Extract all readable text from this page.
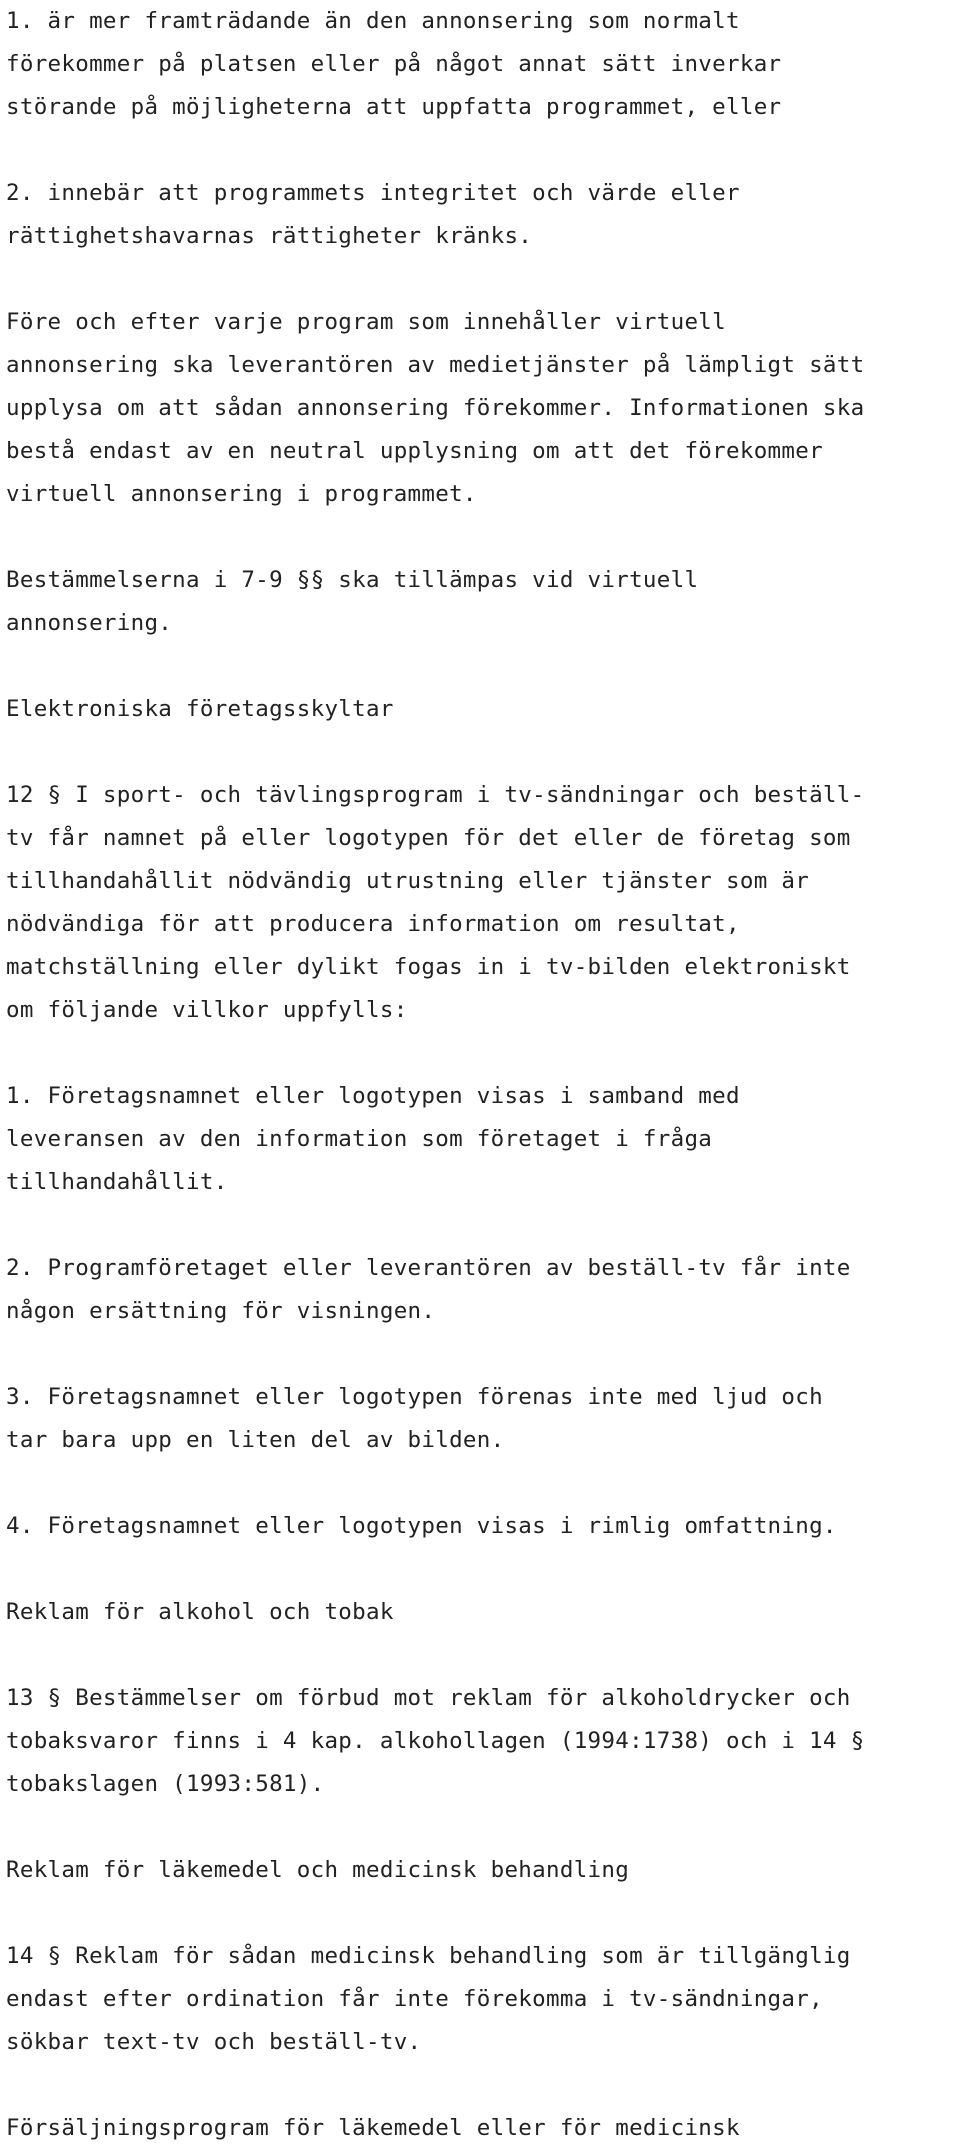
1. är mer framträdande än den annonsering som normalt
förekommer på platsen eller på något annat sätt inverkar
störande på möjligheterna att uppfatta programmet, eller

2. innebär att programmets integritet och värde eller
rättighetshavarnas rättigheter kränks.

Före och efter varje program som innehåller virtuell
annonsering ska leverantören av medietjänster på lämpligt sätt
upplysa om att sådan annonsering förekommer. Informationen ska
bestå endast av en neutral upplysning om att det förekommer
virtuell annonsering i programmet.

Bestämmelserna i 7-9 §§ ska tillämpas vid virtuell
annonsering.

Elektroniska företagsskyltar

12 § I sport- och tävlingsprogram i tv-sändningar och beställ-
tv får namnet på eller logotypen för det eller de företag som
tillhandahållit nödvändig utrustning eller tjänster som är
nödvändiga för att producera information om resultat,
matchställning eller dylikt fogas in i tv-bilden elektroniskt
om följande villkor uppfylls:

1. Företagsnamnet eller logotypen visas i samband med
leveransen av den information som företaget i fråga
tillhandahållit.

2. Programföretaget eller leverantören av beställ-tv får inte
någon ersättning för visningen.

3. Företagsnamnet eller logotypen förenas inte med ljud och
tar bara upp en liten del av bilden.

4. Företagsnamnet eller logotypen visas i rimlig omfattning.

Reklam för alkohol och tobak

13 § Bestämmelser om förbud mot reklam för alkoholdrycker och
tobaksvaror finns i 4 kap. alkohollagen (1994:1738) och i 14 §
tobakslagen (1993:581).

Reklam för läkemedel och medicinsk behandling

14 § Reklam för sådan medicinsk behandling som är tillgänglig
endast efter ordination får inte förekomma i tv-sändningar,
sökbar text-tv och beställ-tv.

Försäljningsprogram för läkemedel eller för medicinsk
